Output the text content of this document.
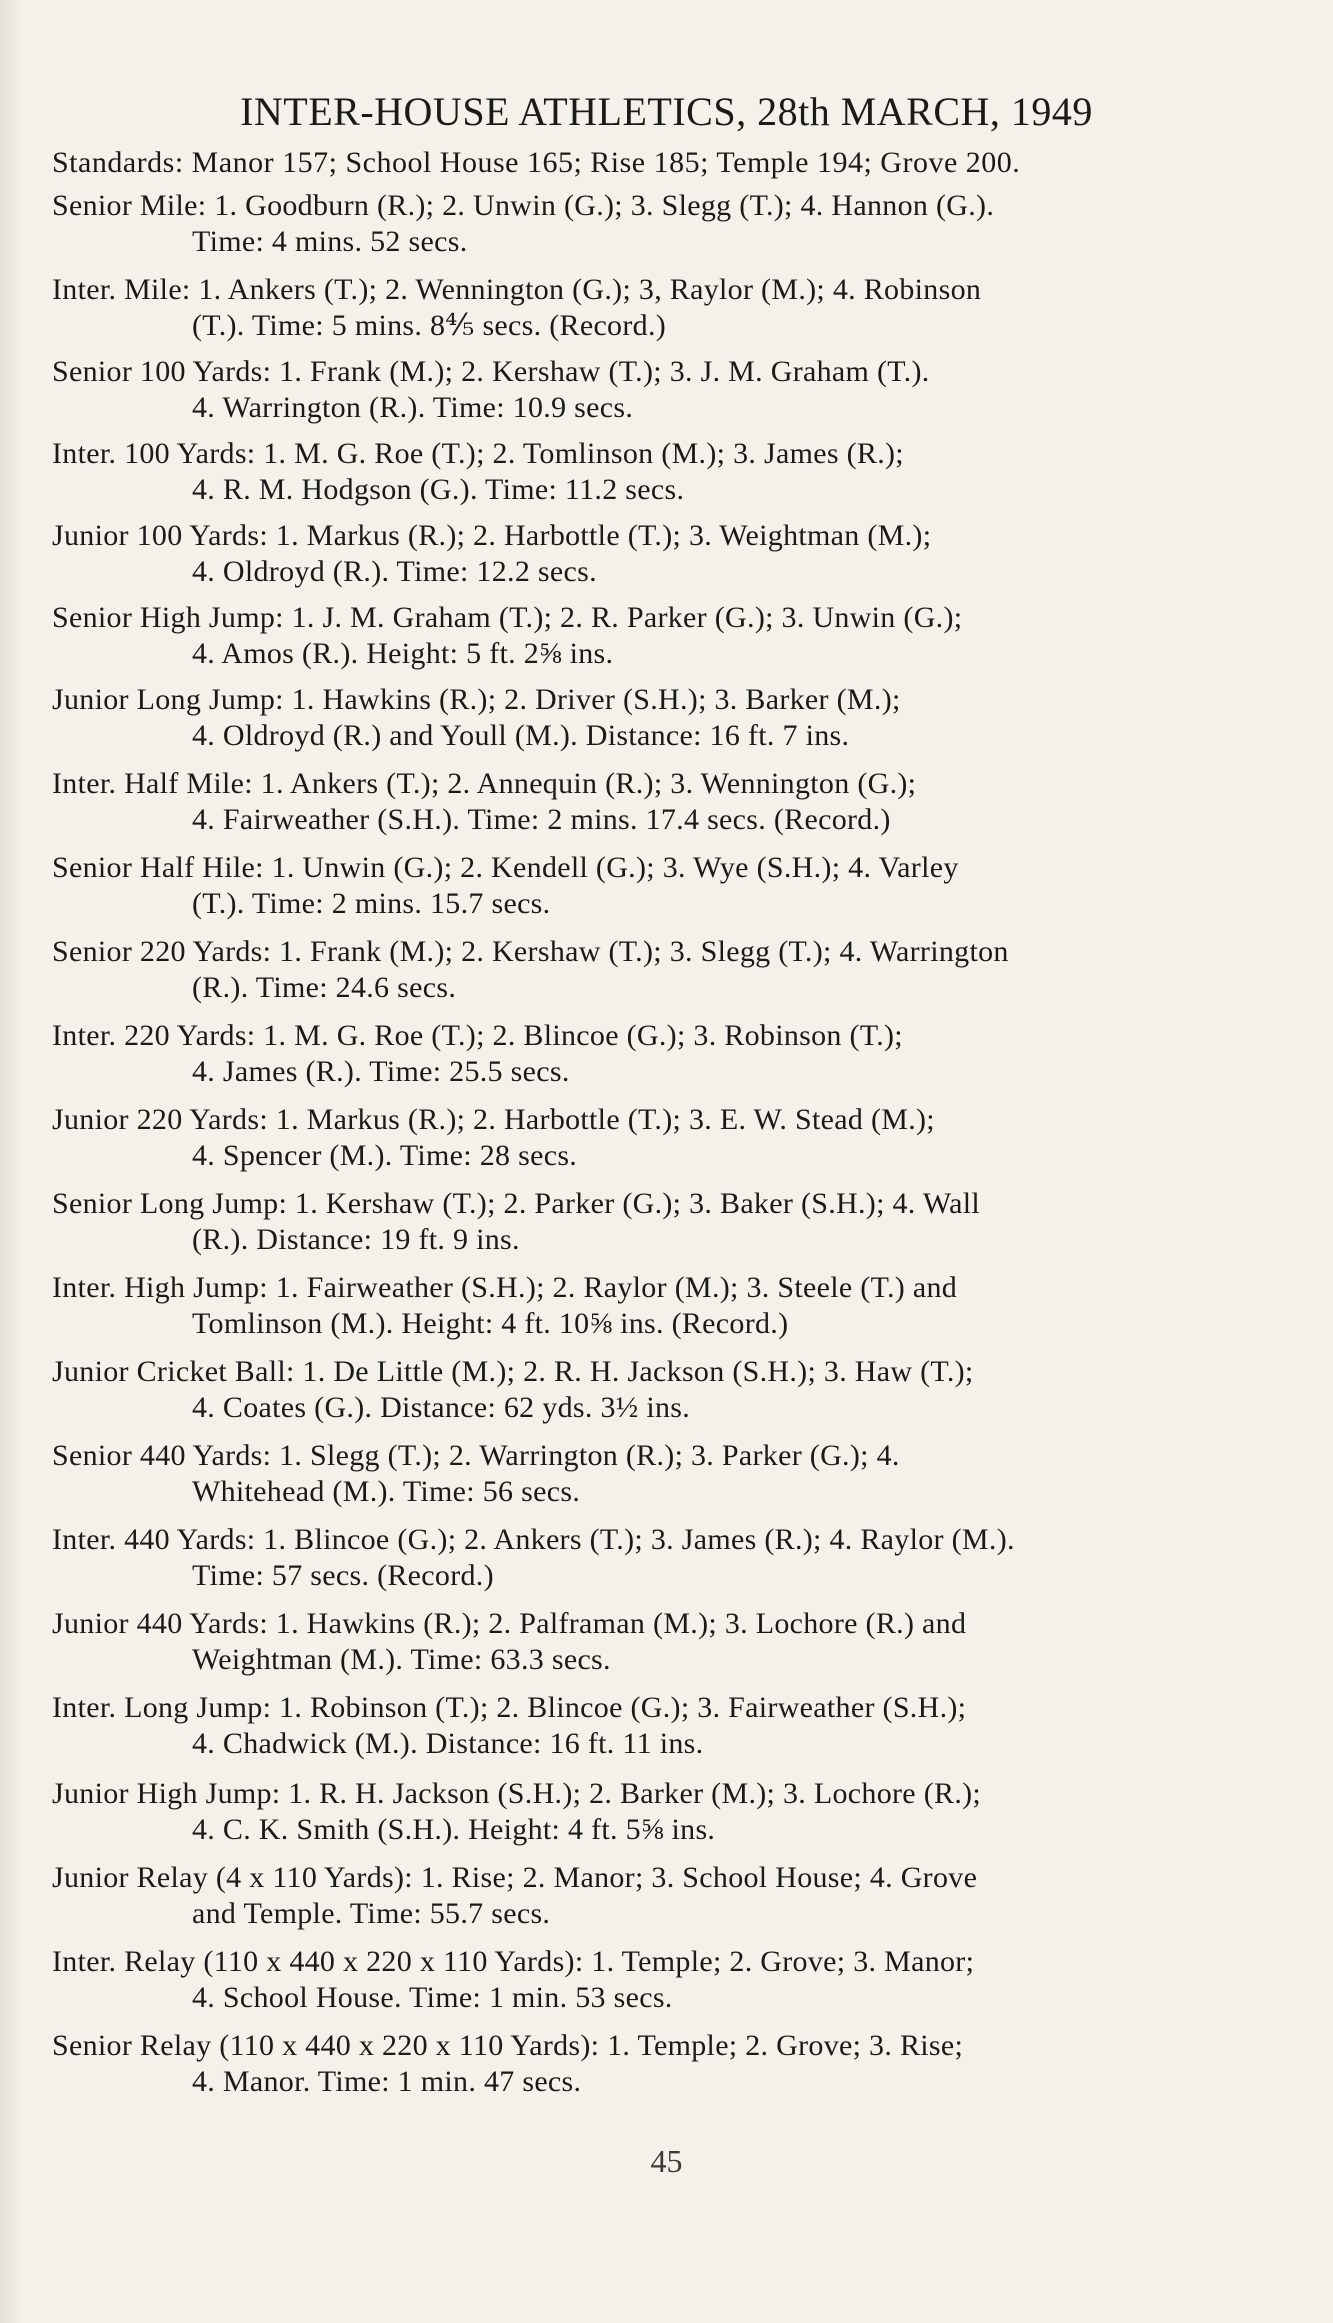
INTER-HOUSE ATHLETICS, 28th MARCH, 1949
Standards: Manor 157; School House 165; Rise 185; Temple 194; Grove 200.
Senior Mile: 1. Goodburn (R.); 2. Unwin (G.); 3. Slegg (T.); 4. Hannon (G.).
Time: 4 mins. 52 secs.
Inter. Mile: 1. Ankers (T.); 2. Wennington (G.); 3, Raylor (M.); 4. Robinson
(T.). Time: 5 mins. 8⅘ secs. (Record.)
Senior 100 Yards: 1. Frank (M.); 2. Kershaw (T.); 3. J. M. Graham (T.).
4. Warrington (R.). Time: 10.9 secs.
Inter. 100 Yards: 1. M. G. Roe (T.); 2. Tomlinson (M.); 3. James (R.);
4. R. M. Hodgson (G.). Time: 11.2 secs.
Junior 100 Yards: 1. Markus (R.); 2. Harbottle (T.); 3. Weightman (M.);
4. Oldroyd (R.). Time: 12.2 secs.
Senior High Jump: 1. J. M. Graham (T.); 2. R. Parker (G.); 3. Unwin (G.);
4. Amos (R.). Height: 5 ft. 2⅝ ins.
Junior Long Jump: 1. Hawkins (R.); 2. Driver (S.H.); 3. Barker (M.);
4. Oldroyd (R.) and Youll (M.). Distance: 16 ft. 7 ins.
Inter. Half Mile: 1. Ankers (T.); 2. Annequin (R.); 3. Wennington (G.);
4. Fairweather (S.H.). Time: 2 mins. 17.4 secs. (Record.)
Senior Half Hile: 1. Unwin (G.); 2. Kendell (G.); 3. Wye (S.H.); 4. Varley
(T.). Time: 2 mins. 15.7 secs.
Senior 220 Yards: 1. Frank (M.); 2. Kershaw (T.); 3. Slegg (T.); 4. Warrington
(R.). Time: 24.6 secs.
Inter. 220 Yards: 1. M. G. Roe (T.); 2. Blincoe (G.); 3. Robinson (T.);
4. James (R.). Time: 25.5 secs.
Junior 220 Yards: 1. Markus (R.); 2. Harbottle (T.); 3. E. W. Stead (M.);
4. Spencer (M.). Time: 28 secs.
Senior Long Jump: 1. Kershaw (T.); 2. Parker (G.); 3. Baker (S.H.); 4. Wall
(R.). Distance: 19 ft. 9 ins.
Inter. High Jump: 1. Fairweather (S.H.); 2. Raylor (M.); 3. Steele (T.) and
Tomlinson (M.). Height: 4 ft. 10⅝ ins. (Record.)
Junior Cricket Ball: 1. De Little (M.); 2. R. H. Jackson (S.H.); 3. Haw (T.);
4. Coates (G.). Distance: 62 yds. 3½ ins.
Senior 440 Yards: 1. Slegg (T.); 2. Warrington (R.); 3. Parker (G.); 4.
Whitehead (M.). Time: 56 secs.
Inter. 440 Yards: 1. Blincoe (G.); 2. Ankers (T.); 3. James (R.); 4. Raylor (M.).
Time: 57 secs. (Record.)
Junior 440 Yards: 1. Hawkins (R.); 2. Palframan (M.); 3. Lochore (R.) and
Weightman (M.). Time: 63.3 secs.
Inter. Long Jump: 1. Robinson (T.); 2. Blincoe (G.); 3. Fairweather (S.H.);
4. Chadwick (M.). Distance: 16 ft. 11 ins.
Junior High Jump: 1. R. H. Jackson (S.H.); 2. Barker (M.); 3. Lochore (R.);
4. C. K. Smith (S.H.). Height: 4 ft. 5⅝ ins.
Junior Relay (4 x 110 Yards): 1. Rise; 2. Manor; 3. School House; 4. Grove
and Temple. Time: 55.7 secs.
Inter. Relay (110 x 440 x 220 x 110 Yards): 1. Temple; 2. Grove; 3. Manor;
4. School House. Time: 1 min. 53 secs.
Senior Relay (110 x 440 x 220 x 110 Yards): 1. Temple; 2. Grove; 3. Rise;
4. Manor. Time: 1 min. 47 secs.
45
